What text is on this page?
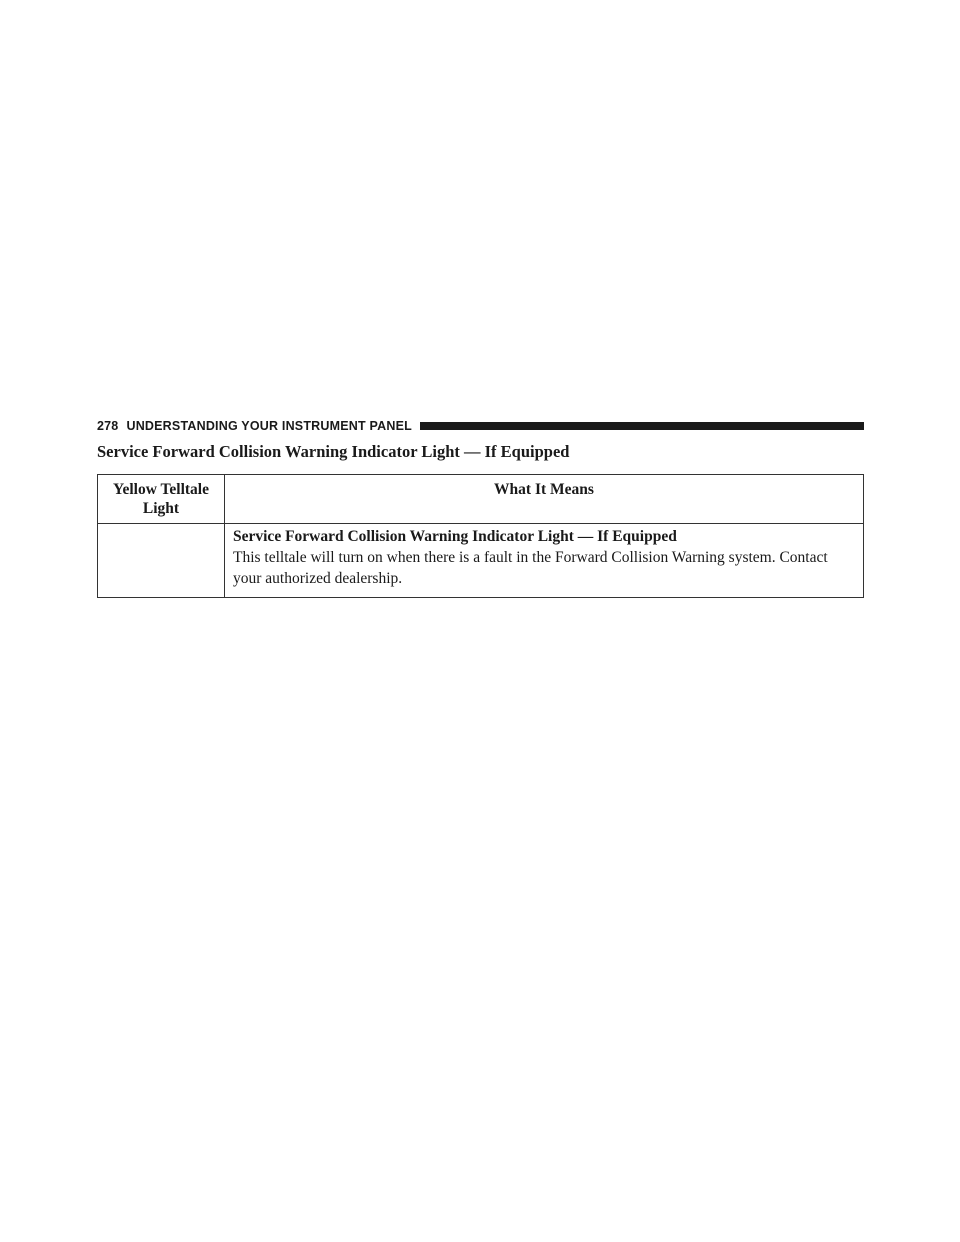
278 UNDERSTANDING YOUR INSTRUMENT PANEL
Service Forward Collision Warning Indicator Light — If Equipped
Yellow Telltale Light	What It Means

	Service Forward Collision Warning Indicator Light — If Equipped
This telltale will turn on when there is a fault in the Forward Collision Warning system. Contact your authorized dealership.
